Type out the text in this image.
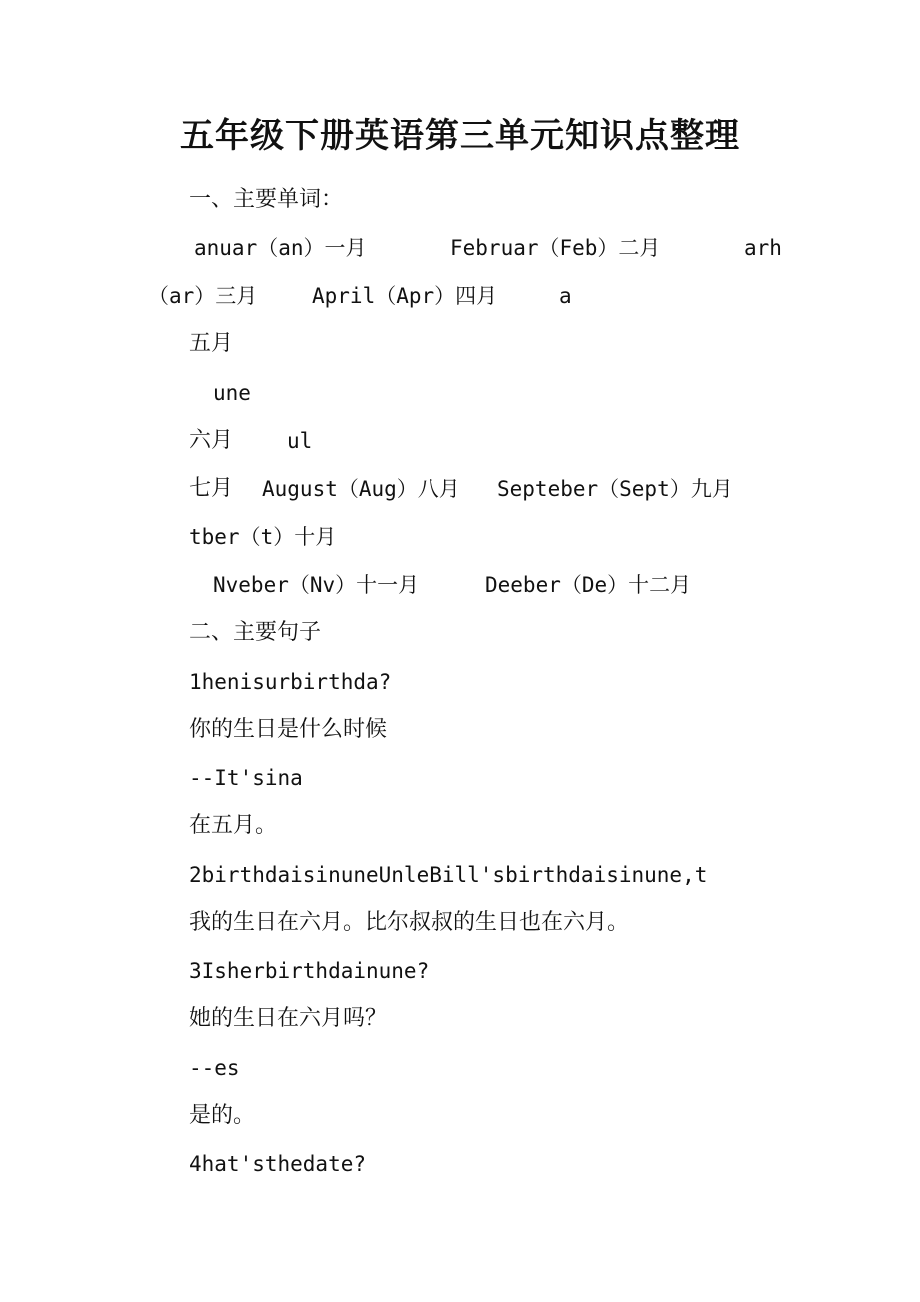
五年级下册英语第三单元知识点整理
一、主要单词：
anuar（an）一月	Februar（Feb）二月	arh
（ar）三月	April（Apr）四月	a
五月
une
六月	ul
七月 August（Aug）八月 Septeber（Sept）九月
tber（t）十月
Nveber（Nv）十一月	Deeber（De）十二月
二、主要句子
1henisurbirthda?
你的生日是什么时候
--It'sina
在五月。
2birthdaisinuneUnleBill'sbirthdaisinune,t
我的生日在六月。比尔叔叔的生日也在六月。
3Isherbirthdainune?
她的生日在六月吗？
--es
是的。
4hat'sthedate?
